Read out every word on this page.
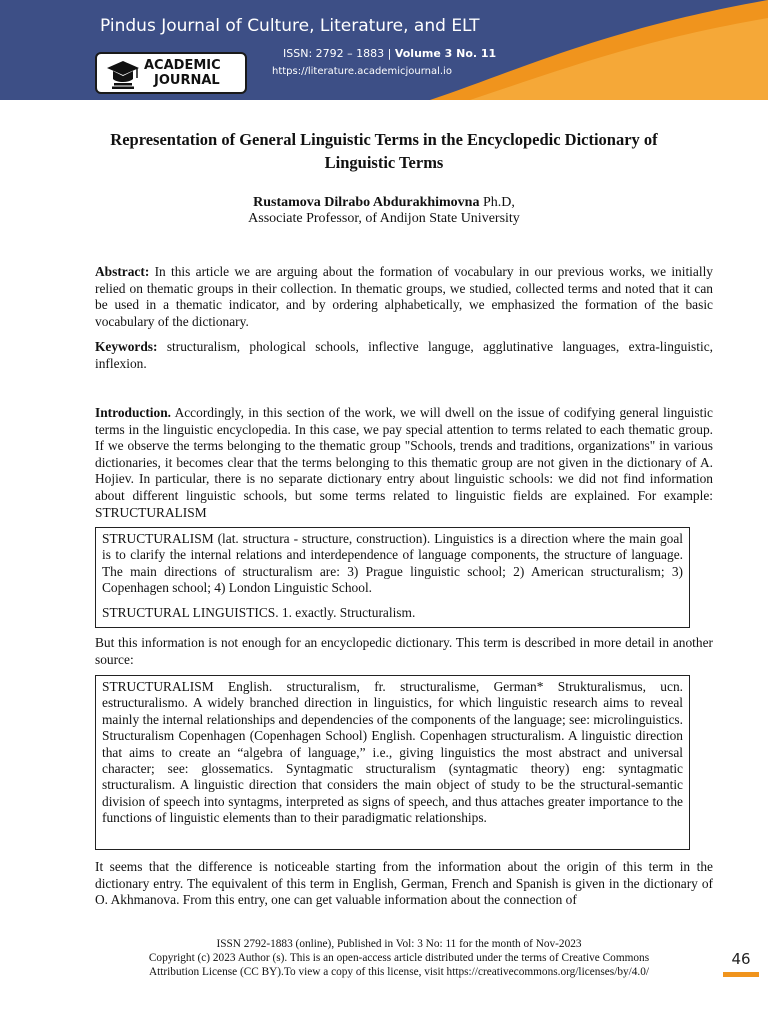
Pindus Journal of Culture, Literature, and ELT
ISSN: 2792 – 1883 | Volume 3 No. 11
https://literature.academicjournal.io
ACADEMIC
JOURNAL
Representation of General Linguistic Terms in the Encyclopedic Dictionary of Linguistic Terms
Rustamova Dilrabo Abdurakhimovna Ph.D,
Associate Professor, of Andijon State University
Abstract: In this article we are arguing about the formation of vocabulary in our previous works, we initially relied on thematic groups in their collection. In thematic groups, we studied, collected terms and noted that it can be used in a thematic indicator, and by ordering alphabetically, we emphasized the formation of the basic vocabulary of the dictionary.
Keywords: structuralism, phological schools, inflective languge, agglutinative languages, extra-linguistic, inflexion.
Introduction. Accordingly, in this section of the work, we will dwell on the issue of codifying general linguistic terms in the linguistic encyclopedia. In this case, we pay special attention to terms related to each thematic group. If we observe the terms belonging to the thematic group "Schools, trends and traditions, organizations" in various dictionaries, it becomes clear that the terms belonging to this thematic group are not given in the dictionary of A. Hojiev. In particular, there is no separate dictionary entry about linguistic schools: we did not find information about different linguistic schools, but some terms related to linguistic fields are explained. For example: STRUCTURALISM

STRUCTURALISM (lat. structura - structure, construction). Linguistics is a direction where the main goal is to clarify the internal relations and interdependence of language components, the structure of language. The main directions of structuralism are: 3) Prague linguistic school; 2) American structuralism; 3) Copenhagen school; 4) London Linguistic School.

STRUCTURAL LINGUISTICS. 1. exactly. Structuralism.

But this information is not enough for an encyclopedic dictionary. This term is described in more detail in another source:

STRUCTURALISM English. structuralism, fr. structuralisme, German* Strukturalismus, ucn. estructuralismo. A widely branched direction in linguistics, for which linguistic research aims to reveal mainly the internal relationships and dependencies of the components of the language; see: microlinguistics. Structuralism Copenhagen (Copenhagen School) English. Copenhagen structuralism. A linguistic direction that aims to create an “algebra of language,” i.e., giving linguistics the most abstract and universal character; see: glossematics. Syntagmatic structuralism (syntagmatic theory) eng: syntagmatic structuralism. A linguistic direction that considers the main object of study to be the structural-semantic division of speech into syntagms, interpreted as signs of speech, and thus attaches greater importance to the functions of linguistic elements than to their paradigmatic relationships.

It seems that the difference is noticeable starting from the information about the origin of this term in the dictionary entry. The equivalent of this term in English, German, French and Spanish is given in the dictionary of O. Akhmanova. From this entry, one can get valuable information about the connection of
ISSN 2792-1883 (online), Published in Vol: 3 No: 11 for the month of Nov-2023
Copyright (c) 2023 Author (s). This is an open-access article distributed under the terms of Creative Commons
Attribution License (CC BY).To view a copy of this license, visit https://creativecommons.org/licenses/by/4.0/
46
